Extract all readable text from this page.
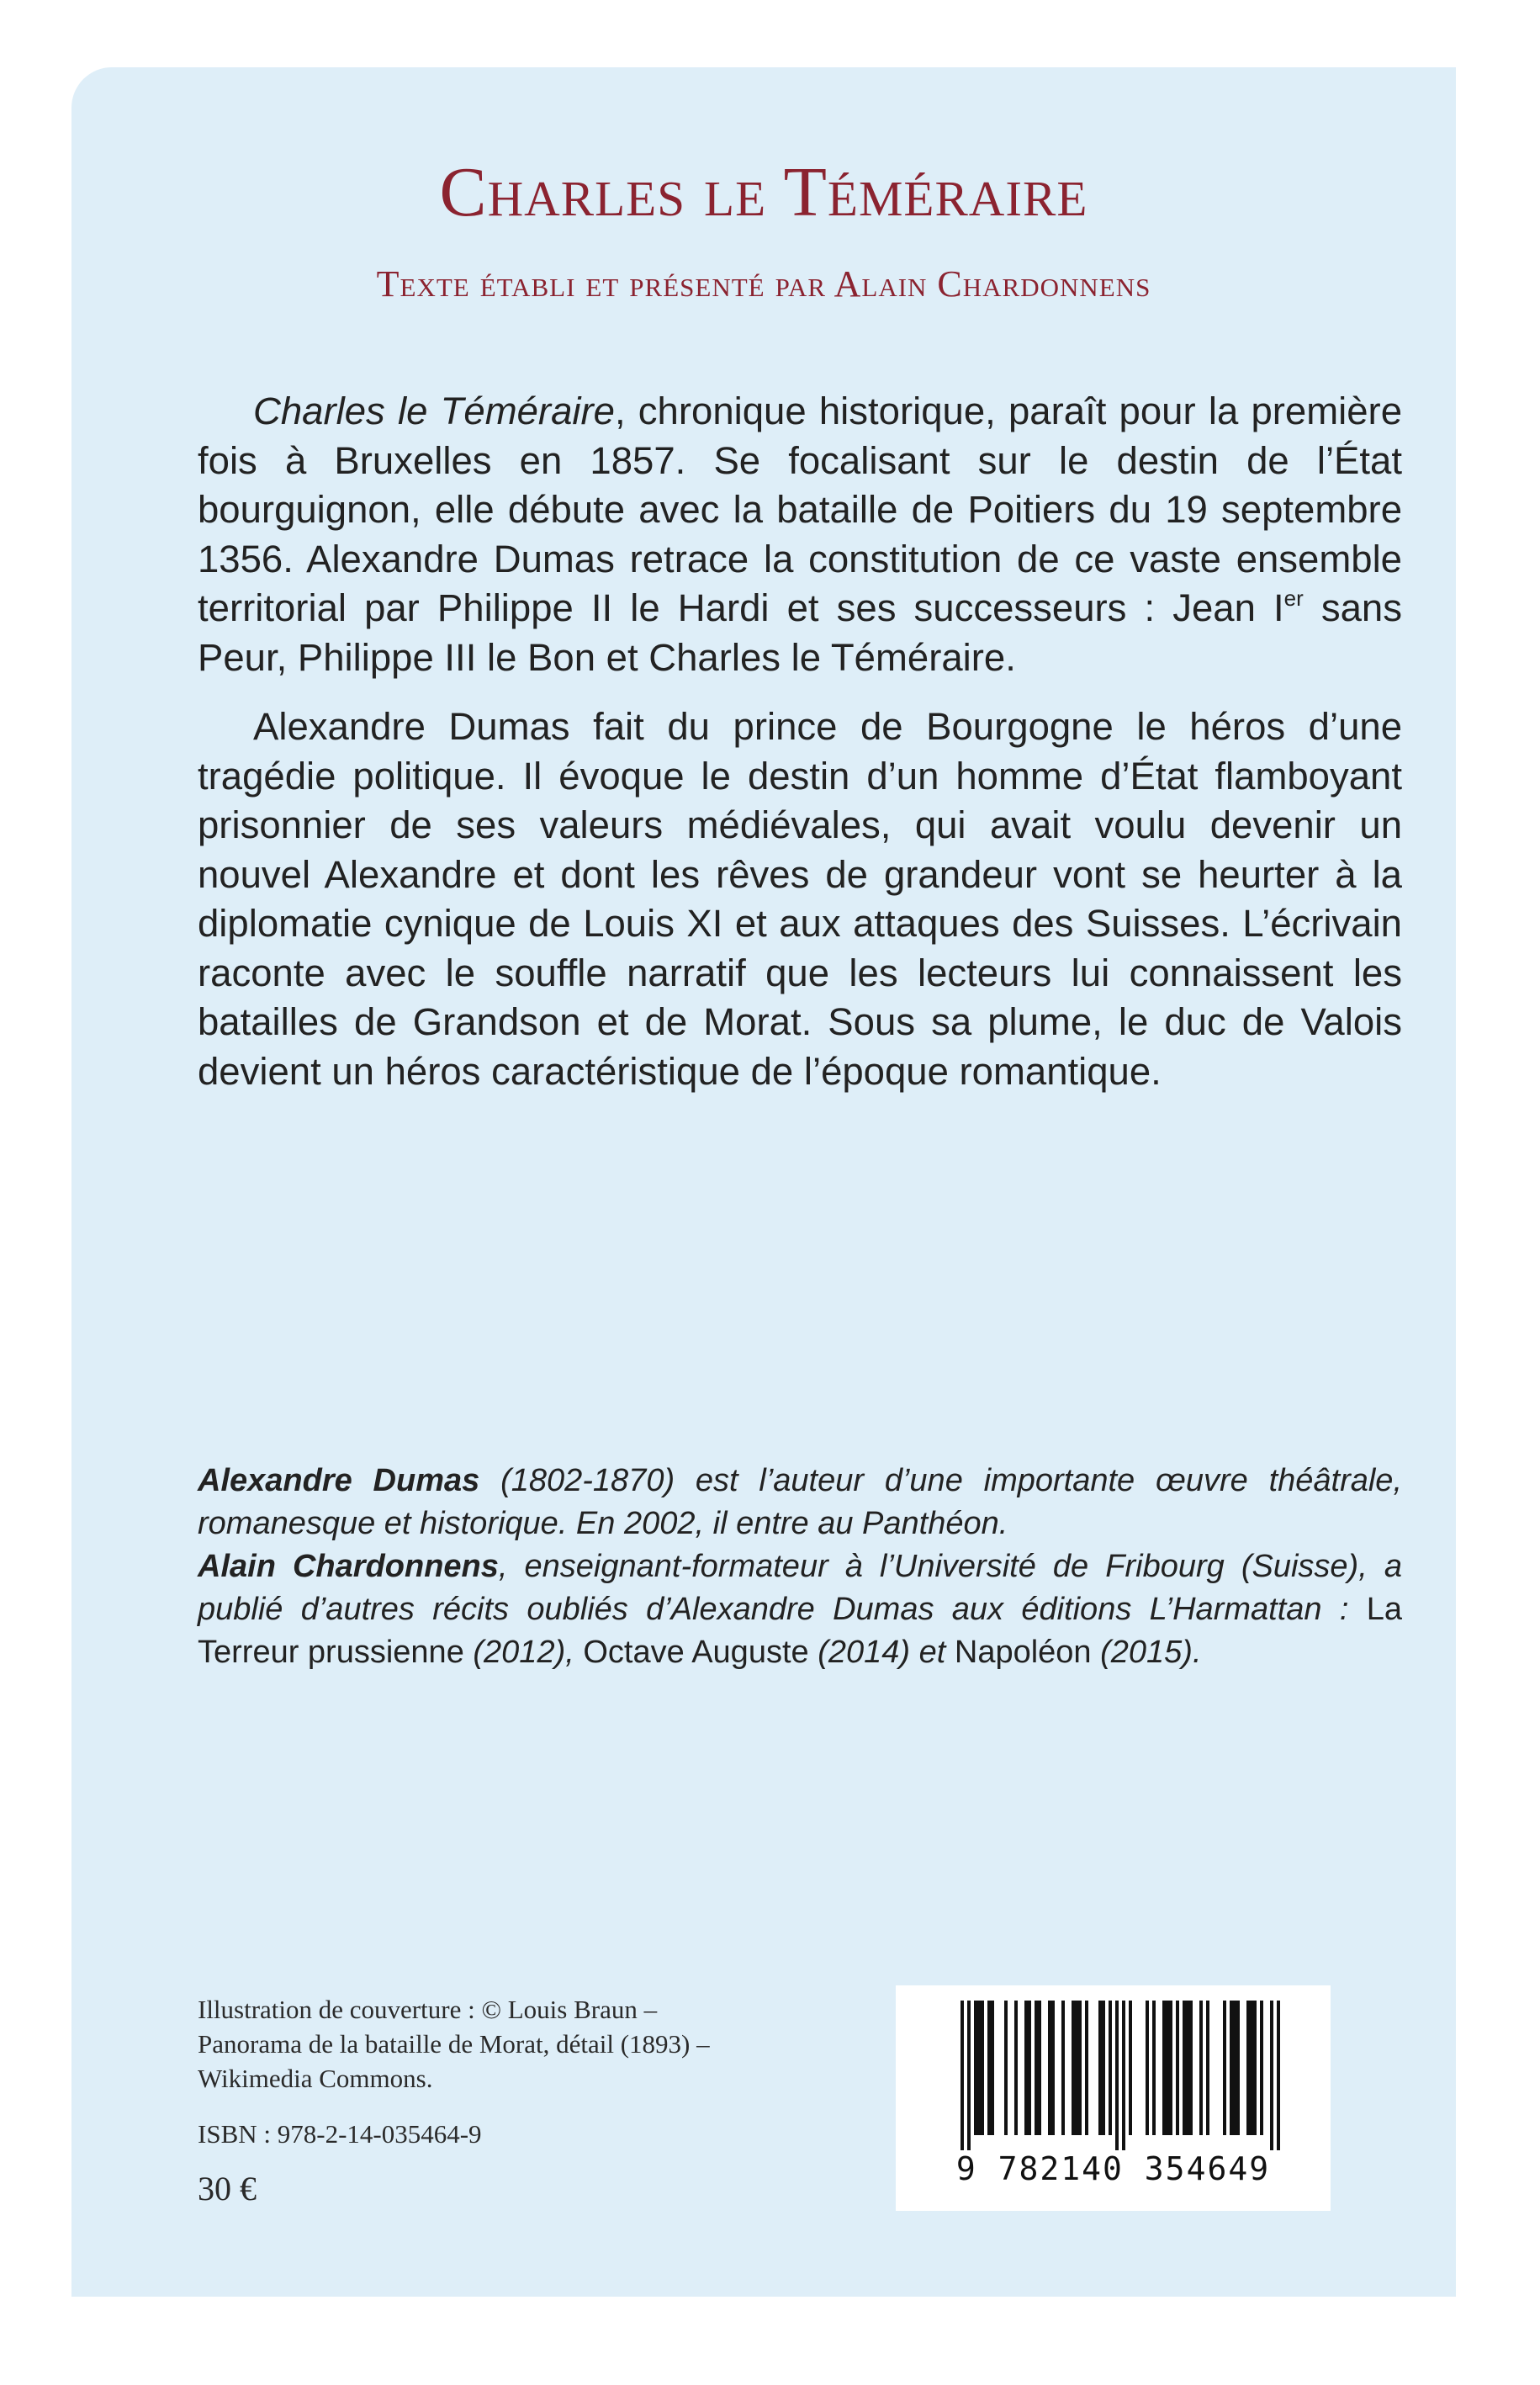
Charles le Téméraire
Texte établi et présenté par Alain Chardonnens

Charles le Téméraire, chronique historique, paraît pour la première fois à Bruxelles en 1857. Se focalisant sur le destin de l’État bourguignon, elle débute avec la bataille de Poitiers du 19 septembre 1356. Alexandre Dumas retrace la constitution de ce vaste ensemble territorial par Philippe II le Hardi et ses successeurs : Jean Ier sans Peur, Philippe III le Bon et Charles le Téméraire.

Alexandre Dumas fait du prince de Bourgogne le héros d’une tragédie politique. Il évoque le destin d’un homme d’État flamboyant prisonnier de ses valeurs médiévales, qui avait voulu devenir un nouvel Alexandre et dont les rêves de grandeur vont se heurter à la diplomatie cynique de Louis XI et aux attaques des Suisses. L’écrivain raconte avec le souffle narratif que les lecteurs lui connaissent les batailles de Grandson et de Morat. Sous sa plume, le duc de Valois devient un héros caractéristique de l’époque romantique.

Alexandre Dumas (1802-1870) est l’auteur d’une importante œuvre théâtrale, romanesque et historique. En 2002, il entre au Panthéon.
Alain Chardonnens, enseignant-formateur à l’Université de Fribourg (Suisse), a publié d’autres récits oubliés d’Alexandre Dumas aux éditions L’Harmattan : La Terreur prussienne (2012), Octave Auguste (2014) et Napoléon (2015).

Illustration de couverture : © Louis Braun –

Panorama de la bataille de Morat, détail (1893) –

Wikimedia Commons.

ISBN : 978-2-14-035464-9
30 €
9 782140 354649
